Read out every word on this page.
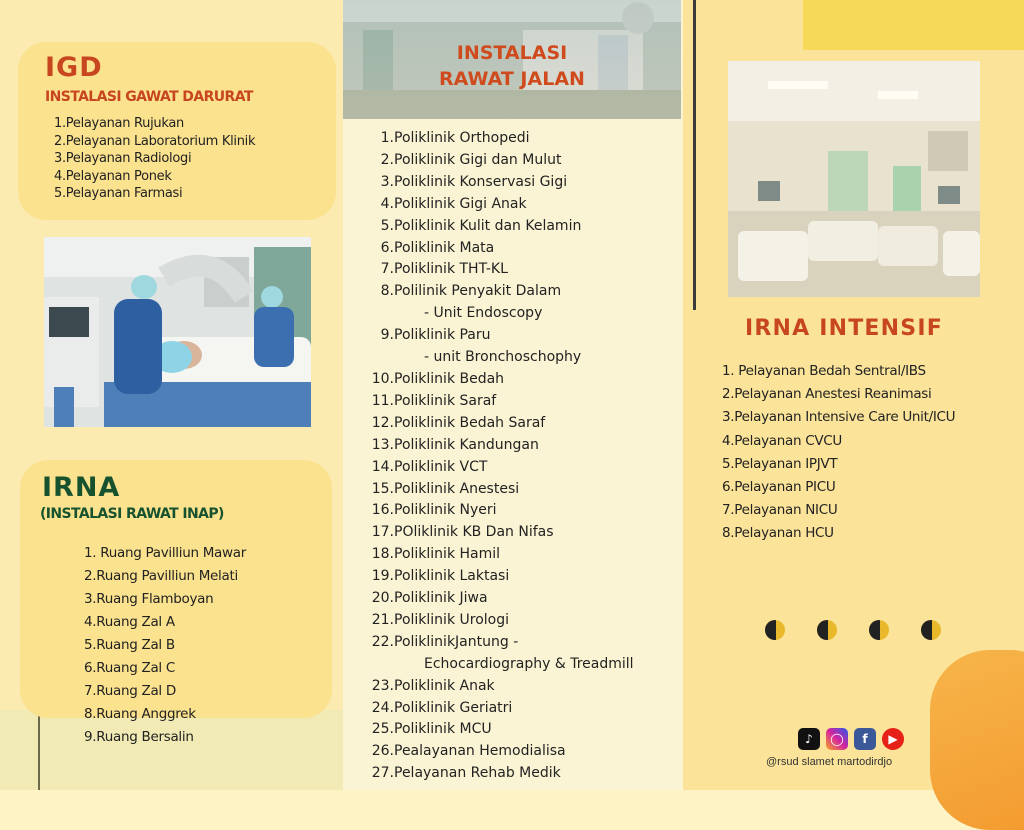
IGD
INSTALASI GAWAT DARURAT
1.Pelayanan Rujukan
2.Pelayanan Laboratorium Klinik
3.Pelayanan Radiologi
4.Pelayanan Ponek
5.Pelayanan Farmasi
IRNA
(INSTALASI RAWAT INAP)
1. Ruang Pavilliun Mawar
2.Ruang Pavilliun Melati
3.Ruang Flamboyan
4.Ruang Zal A
5.Ruang Zal B
6.Ruang Zal C
7.Ruang Zal D
8.Ruang Anggrek
9.Ruang Bersalin
INSTALASI
RAWAT JALAN
1.Poliklinik Orthopedi
2.Poliklinik Gigi dan Mulut
3.Poliklinik Konservasi Gigi
4.Poliklinik Gigi Anak
5.Poliklinik Kulit dan Kelamin
6.Poliklinik Mata
7.Poliklinik THT-KL
8.Polilinik Penyakit Dalam
- Unit Endoscopy
9.Poliklinik Paru
- unit Bronchoschophy
10.Poliklinik Bedah
11.Poliklinik Saraf
12.Poliklinik Bedah Saraf
13.Poliklinik Kandungan
14.Poliklinik VCT
15.Poliklinik Anestesi
16.Poliklinik Nyeri
17.POliklinik KB Dan Nifas
18.Poliklinik Hamil
19.Poliklinik Laktasi
20.Poliklinik Jiwa
21.Poliklinik Urologi
22.PoliklinikJantung -
Echocardiography & Treadmill
23.Poliklinik Anak
24.Poliklinik Geriatri
25.Poliklinik MCU
26.Pealayanan Hemodialisa
27.Pelayanan Rehab Medik
IRNA INTENSIF
1. Pelayanan Bedah Sentral/IBS
2.Pelayanan Anestesi Reanimasi
3.Pelayanan Intensive Care Unit/ICU
4.Pelayanan CVCU
5.Pelayanan IPJVT
6.Pelayanan PICU
7.Pelayanan NICU
8.Pelayanan HCU
♪	◯	f	▶
@rsud slamet martodirdjo
